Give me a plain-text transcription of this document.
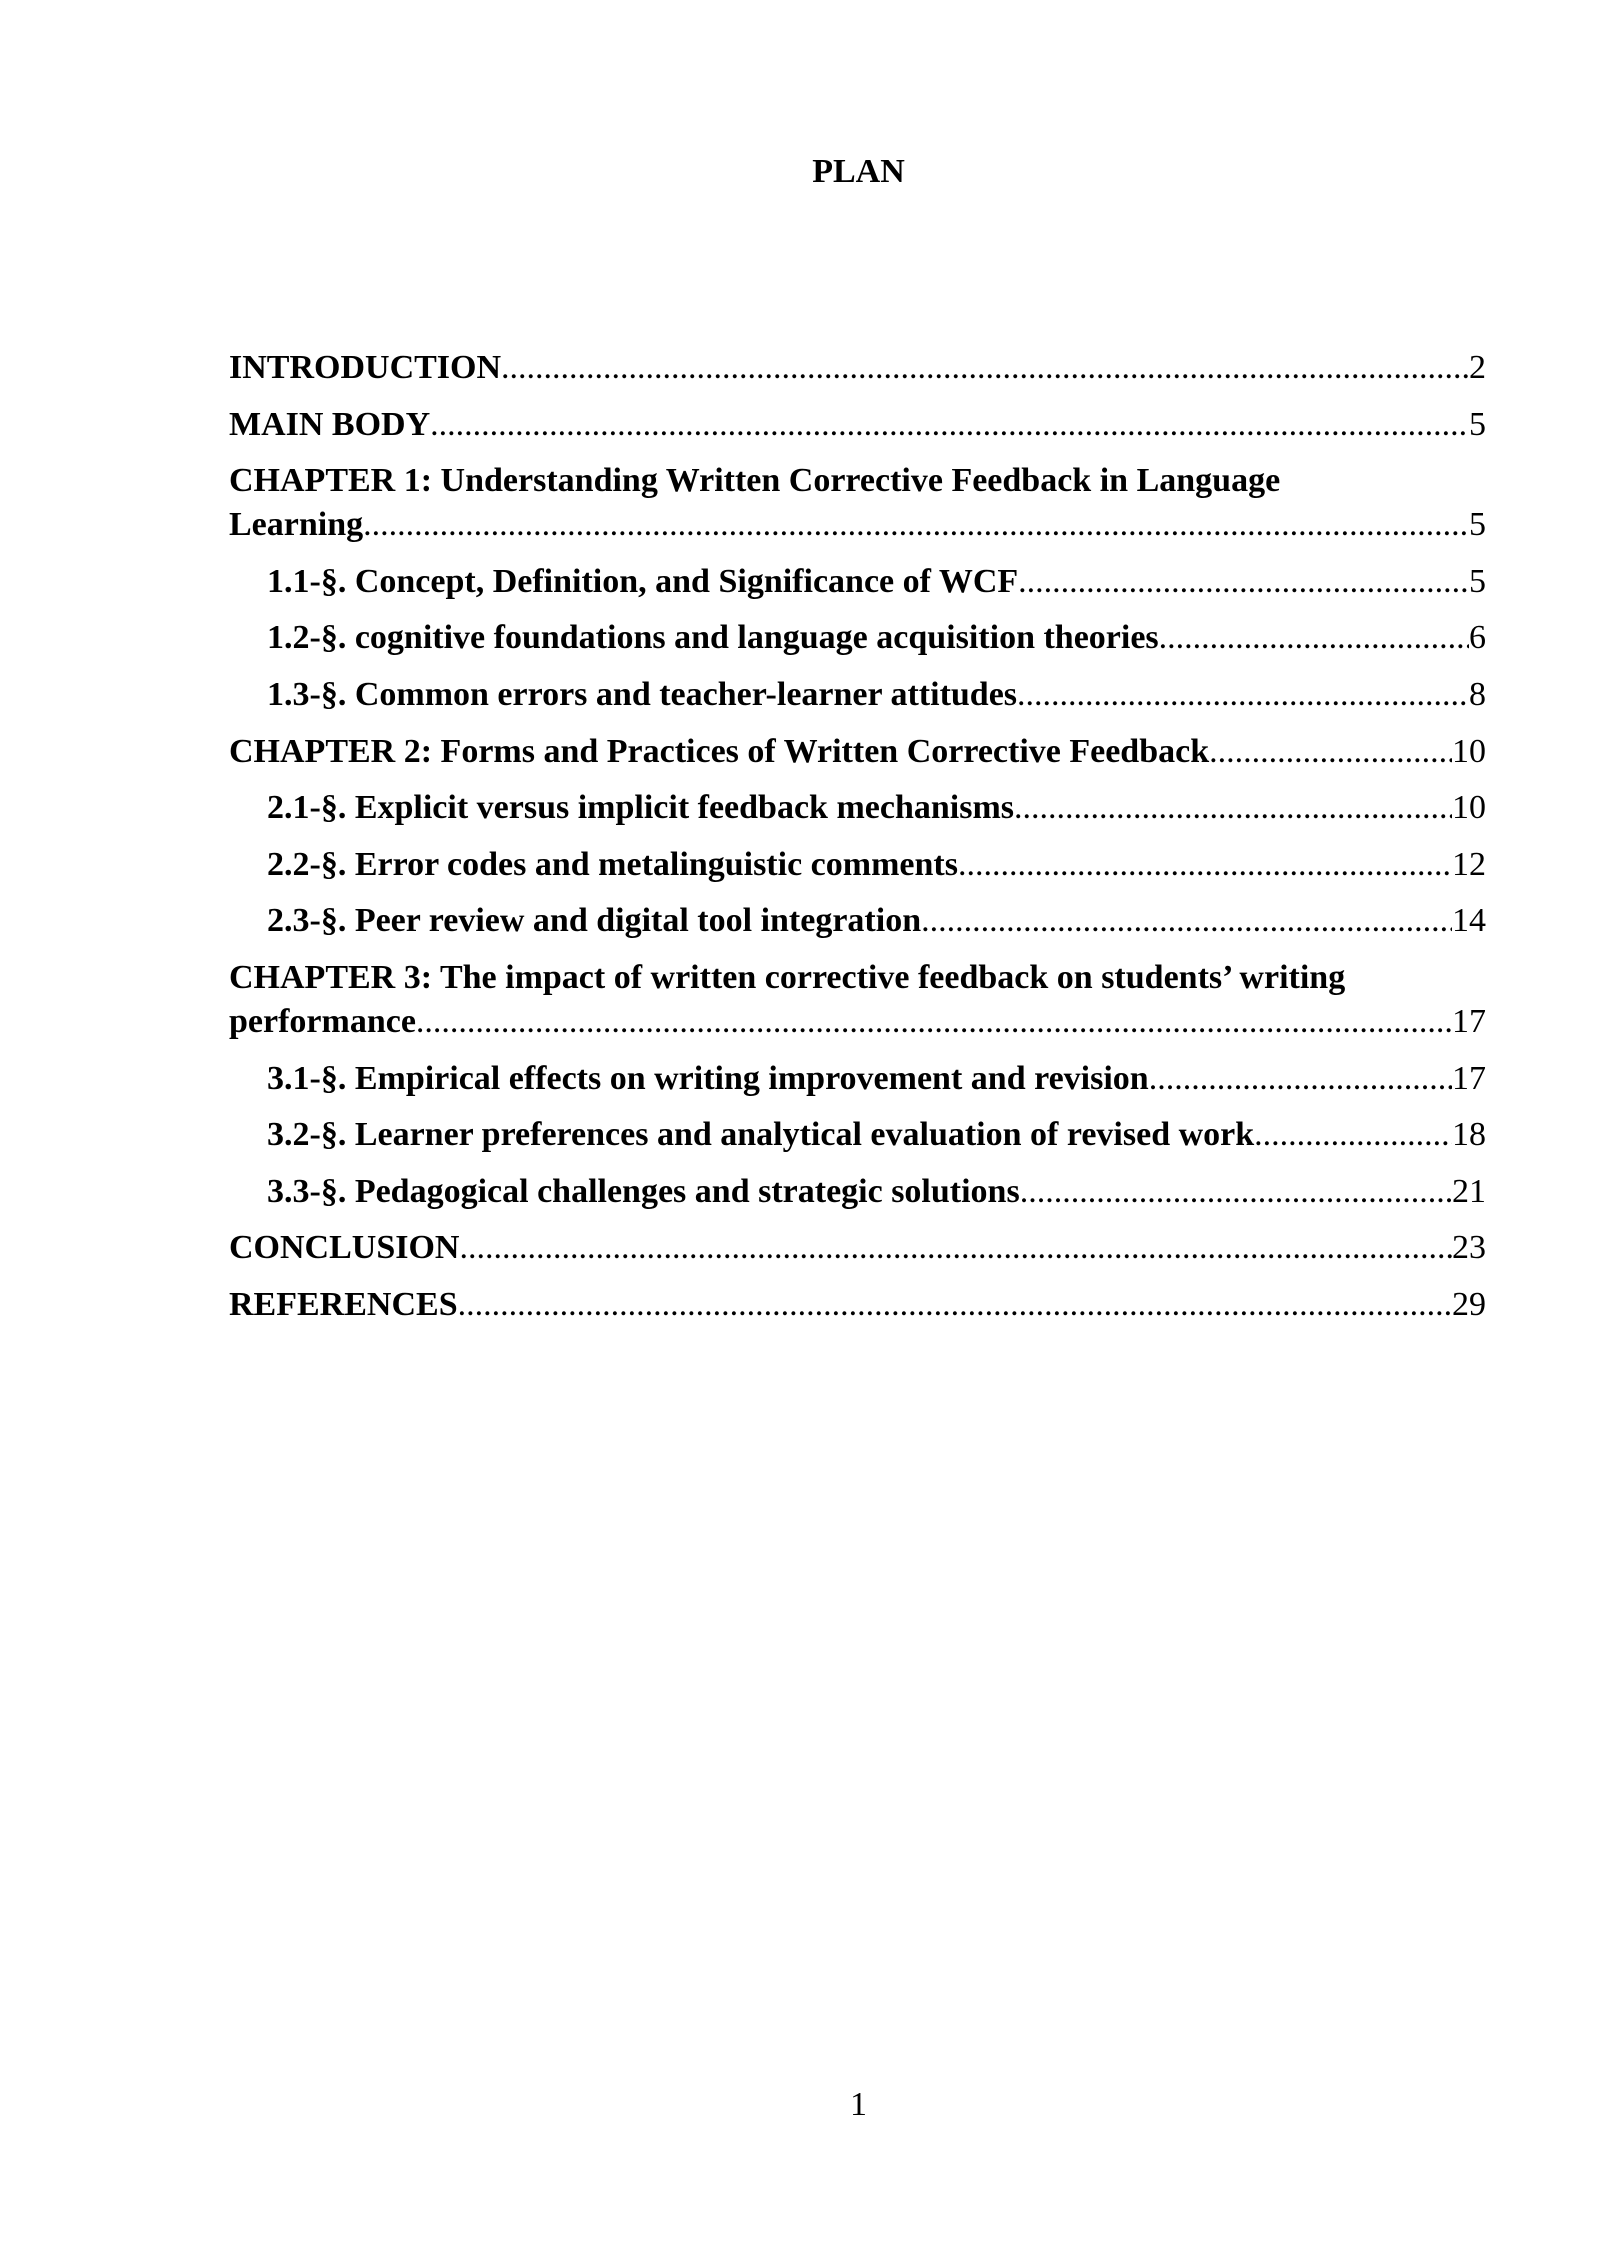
PLAN
INTRODUCTION .....	2
MAIN BODY .....	5
CHAPTER 1: Understanding Written Corrective Feedback in Language
Learning .....	5
1.1-§. Concept, Definition, and Significance of WCF .....	5
1.2-§. cognitive foundations and language acquisition theories .....	6
1.3-§. Common errors and teacher-learner attitudes .....	8
CHAPTER 2: Forms and Practices of Written Corrective Feedback .....	10
2.1-§. Explicit versus implicit feedback mechanisms .....	10
2.2-§. Error codes and metalinguistic comments .....	12
2.3-§. Peer review and digital tool integration .....	14
CHAPTER 3: The impact of written corrective feedback on students’ writing
performance .....	17
3.1-§. Empirical effects on writing improvement and revision .....	17
3.2-§. Learner preferences and analytical evaluation of revised work .....	18
3.3-§. Pedagogical challenges and strategic solutions .....	21
CONCLUSION .....	23
REFERENCES .....	29
1
